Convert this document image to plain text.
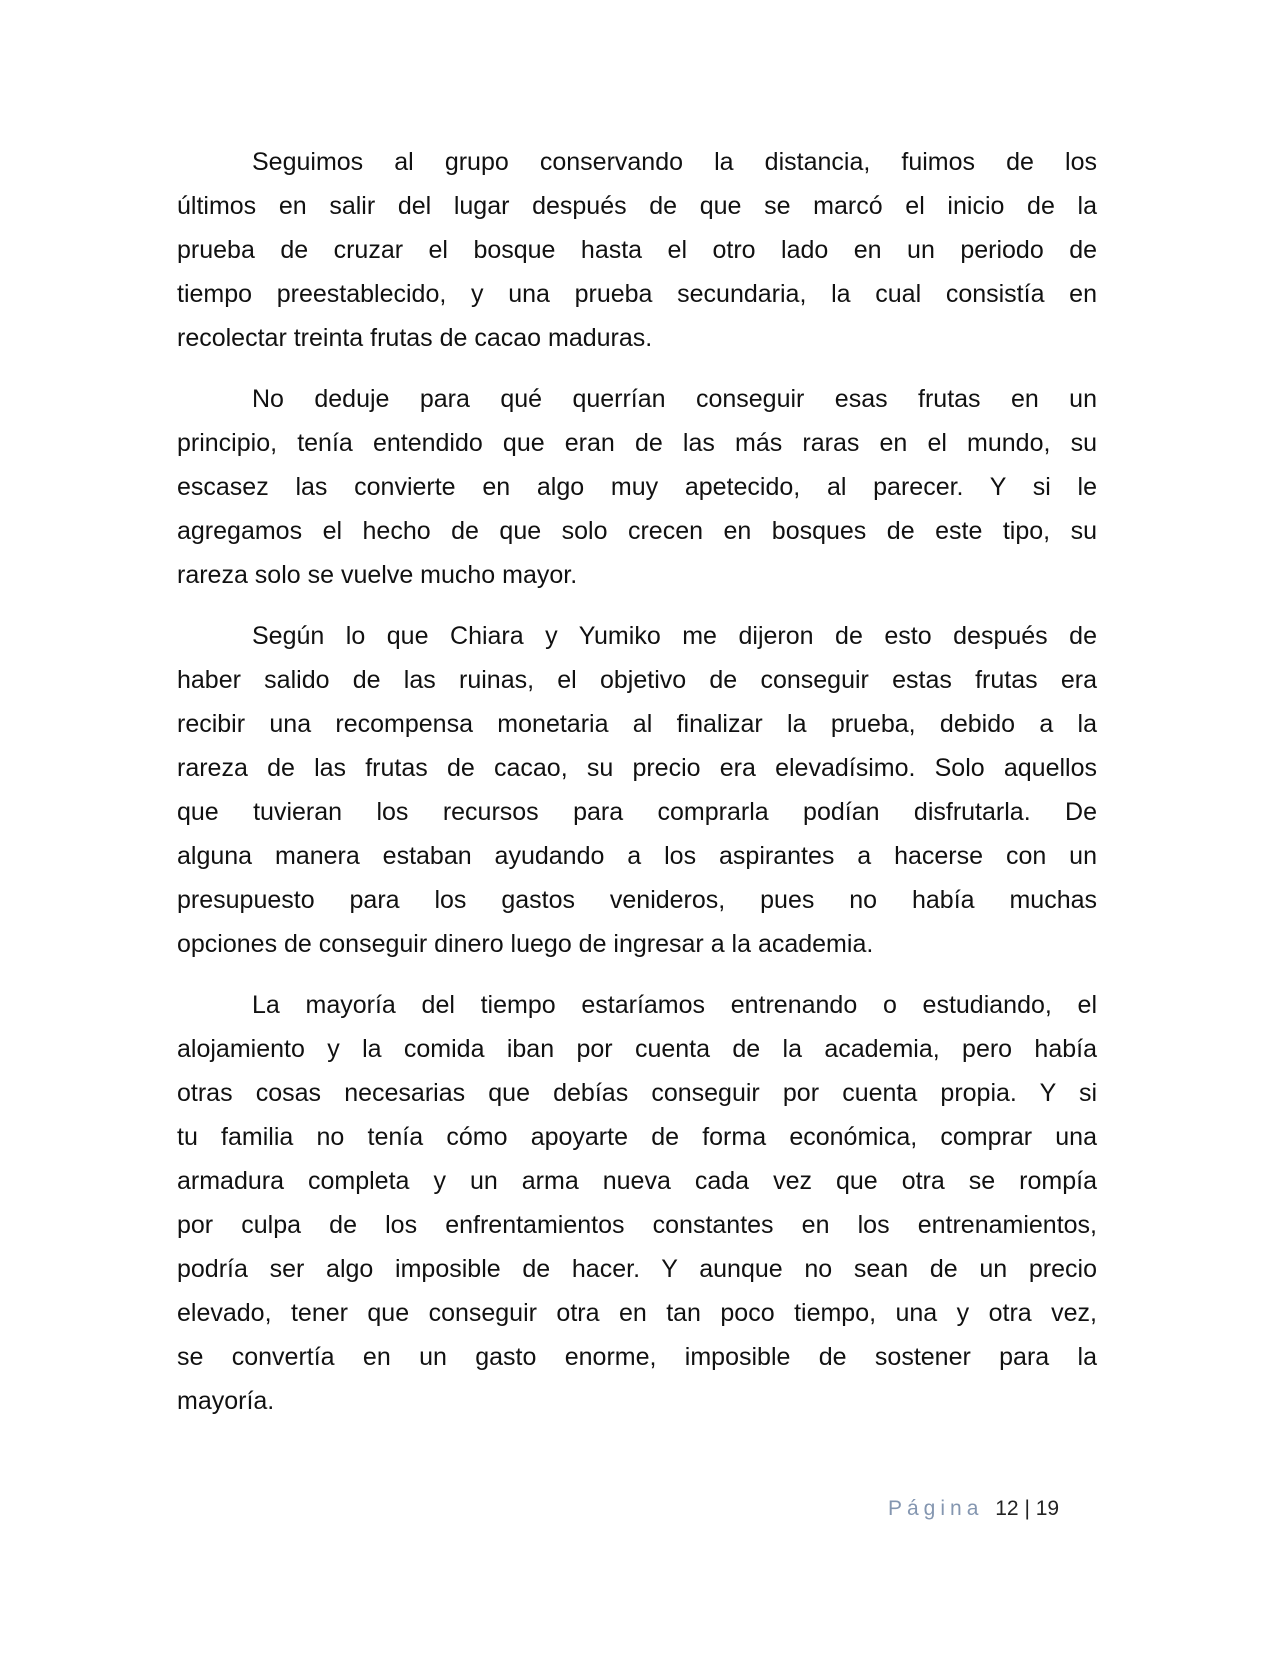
Seguimos al grupo conservando la distancia, fuimos de los
últimos en salir del lugar después de que se marcó el inicio de la
prueba de cruzar el bosque hasta el otro lado en un periodo de
tiempo preestablecido, y una prueba secundaria, la cual consistía en
recolectar treinta frutas de cacao maduras.
No deduje para qué querrían conseguir esas frutas en un
principio, tenía entendido que eran de las más raras en el mundo, su
escasez las convierte en algo muy apetecido, al parecer. Y si le
agregamos el hecho de que solo crecen en bosques de este tipo, su
rareza solo se vuelve mucho mayor.
Según lo que Chiara y Yumiko me dijeron de esto después de
haber salido de las ruinas, el objetivo de conseguir estas frutas era
recibir una recompensa monetaria al finalizar la prueba, debido a la
rareza de las frutas de cacao, su precio era elevadísimo. Solo aquellos
que tuvieran los recursos para comprarla podían disfrutarla. De
alguna manera estaban ayudando a los aspirantes a hacerse con un
presupuesto para los gastos venideros, pues no había muchas
opciones de conseguir dinero luego de ingresar a la academia.
La mayoría del tiempo estaríamos entrenando o estudiando, el
alojamiento y la comida iban por cuenta de la academia, pero había
otras cosas necesarias que debías conseguir por cuenta propia. Y si
tu familia no tenía cómo apoyarte de forma económica, comprar una
armadura completa y un arma nueva cada vez que otra se rompía
por culpa de los enfrentamientos constantes en los entrenamientos,
podría ser algo imposible de hacer. Y aunque no sean de un precio
elevado, tener que conseguir otra en tan poco tiempo, una y otra vez,
se convertía en un gasto enorme, imposible de sostener para la
mayoría.
Página 12 | 19
